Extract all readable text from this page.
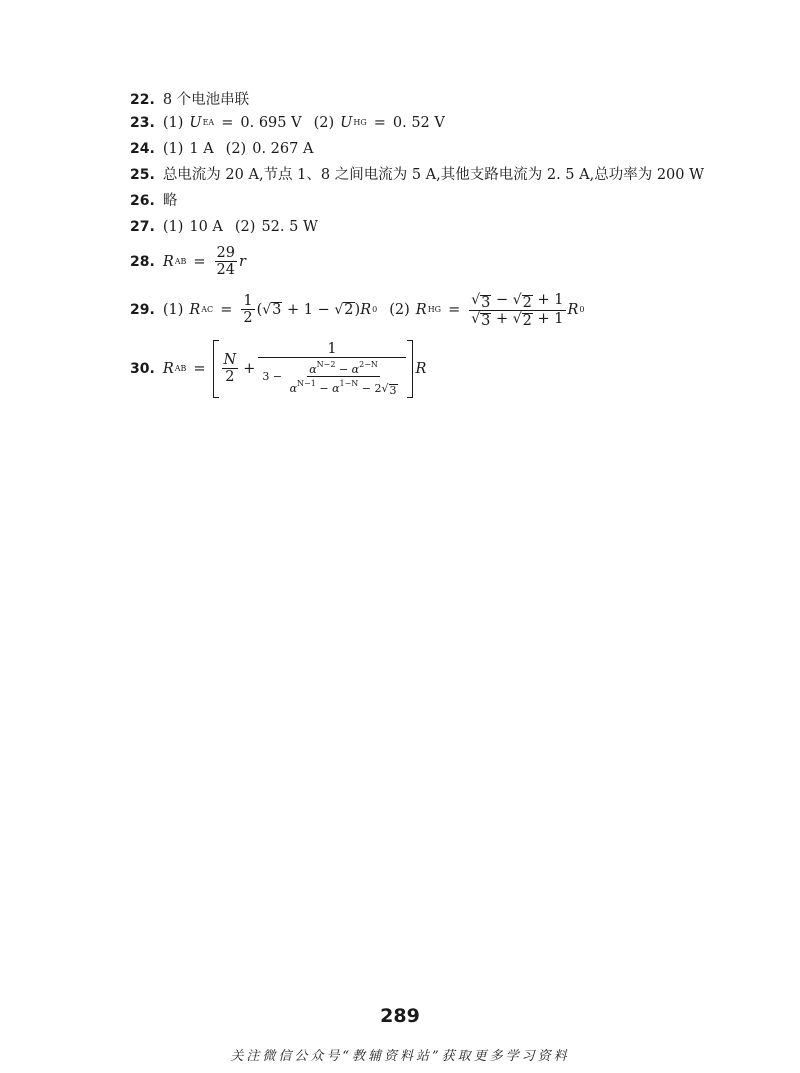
22. 8 个电池串联
23. (1) U EA = 0. 695 V (2) U HG = 0. 52 V
24. (1) 1 A (2) 0. 267 A
25. 总电流为 20 A,节点 1、8 之间电流为 5 A,其他支路电流为 2. 5 A,总功率为 200 W
26. 略
27. (1) 10 A (2) 52. 5 W
28. R AB = $\frac{29}{24}$ r
29. (1) R AC = $\frac{1}{2}$ ( √ 3 + 1 − √ 2 ) R 0 (2) R HG = $\frac{√ 3 - √ 2 + 1}{√ 3 + √ 2 + 1}$ R 0
30. R AB = $\frac{N}{2}$ +
1
$3 - \frac{\alpha^{N-2} - \alpha^{2-N}}{\alpha^{N-1} - \alpha^{1-N} - 2 √ 3}$ R
289
关注微信公众号“教辅资料站”获取更多学习资料
